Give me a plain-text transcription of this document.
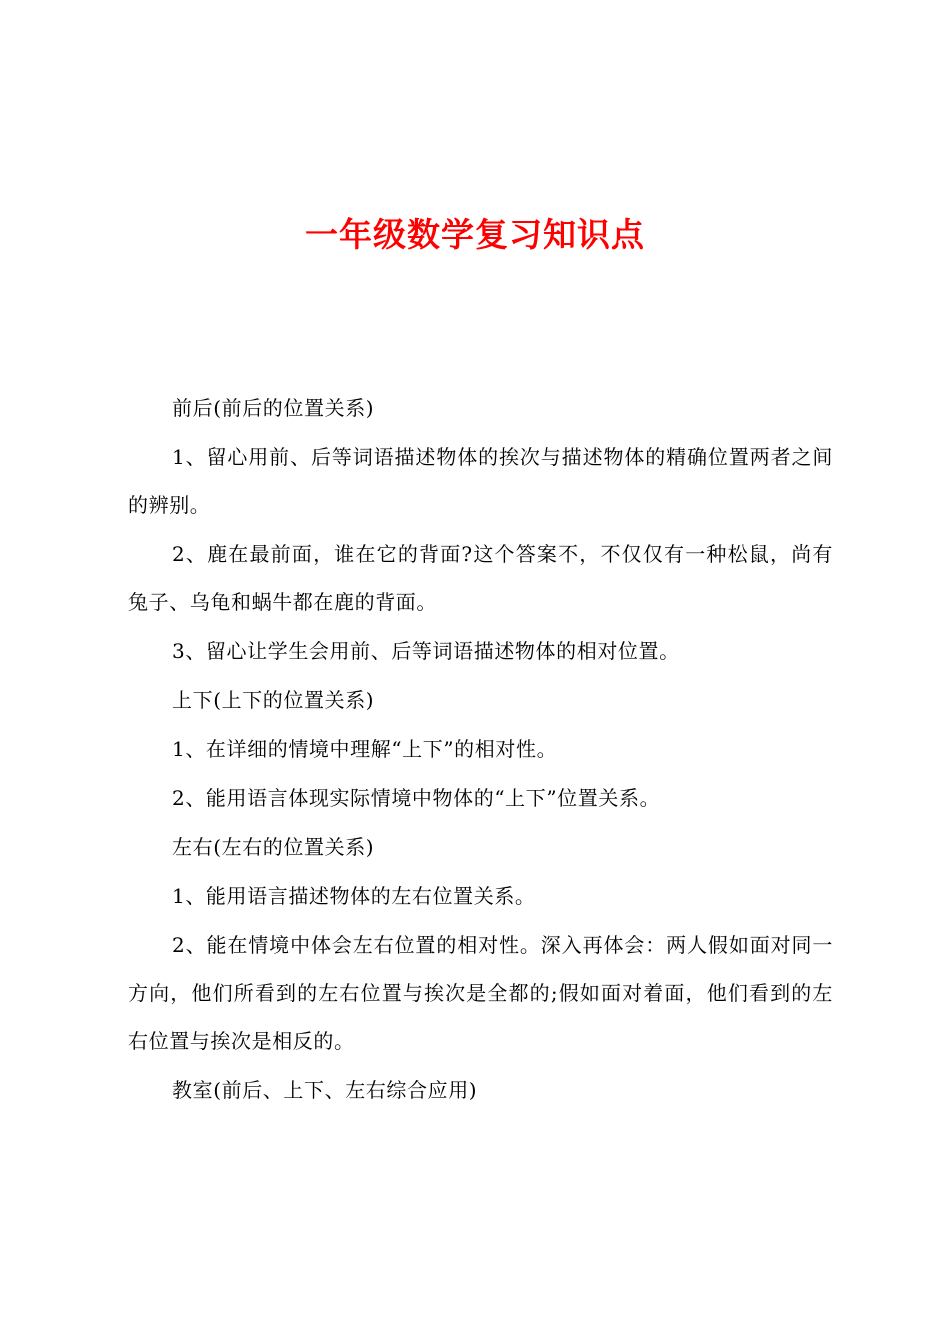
一年级数学复习知识点

前后(前后的位置关系)

1、留心用前、后等词语描述物体的挨次与描述物体的精确位置两者之间的辨别。

2、鹿在最前面，谁在它的背面?这个答案不，不仅仅有一种松鼠，尚有兔子、乌龟和蜗牛都在鹿的背面。

3、留心让学生会用前、后等词语描述物体的相对位置。

上下(上下的位置关系)

1、在详细的情境中理解“上下”的相对性。

2、能用语言体现实际情境中物体的“上下”位置关系。

左右(左右的位置关系)

1、能用语言描述物体的左右位置关系。

2、能在情境中体会左右位置的相对性。深入再体会：两人假如面对同一方向，他们所看到的左右位置与挨次是全都的;假如面对着面，他们看到的左右位置与挨次是相反的。

教室(前后、上下、左右综合应用)
